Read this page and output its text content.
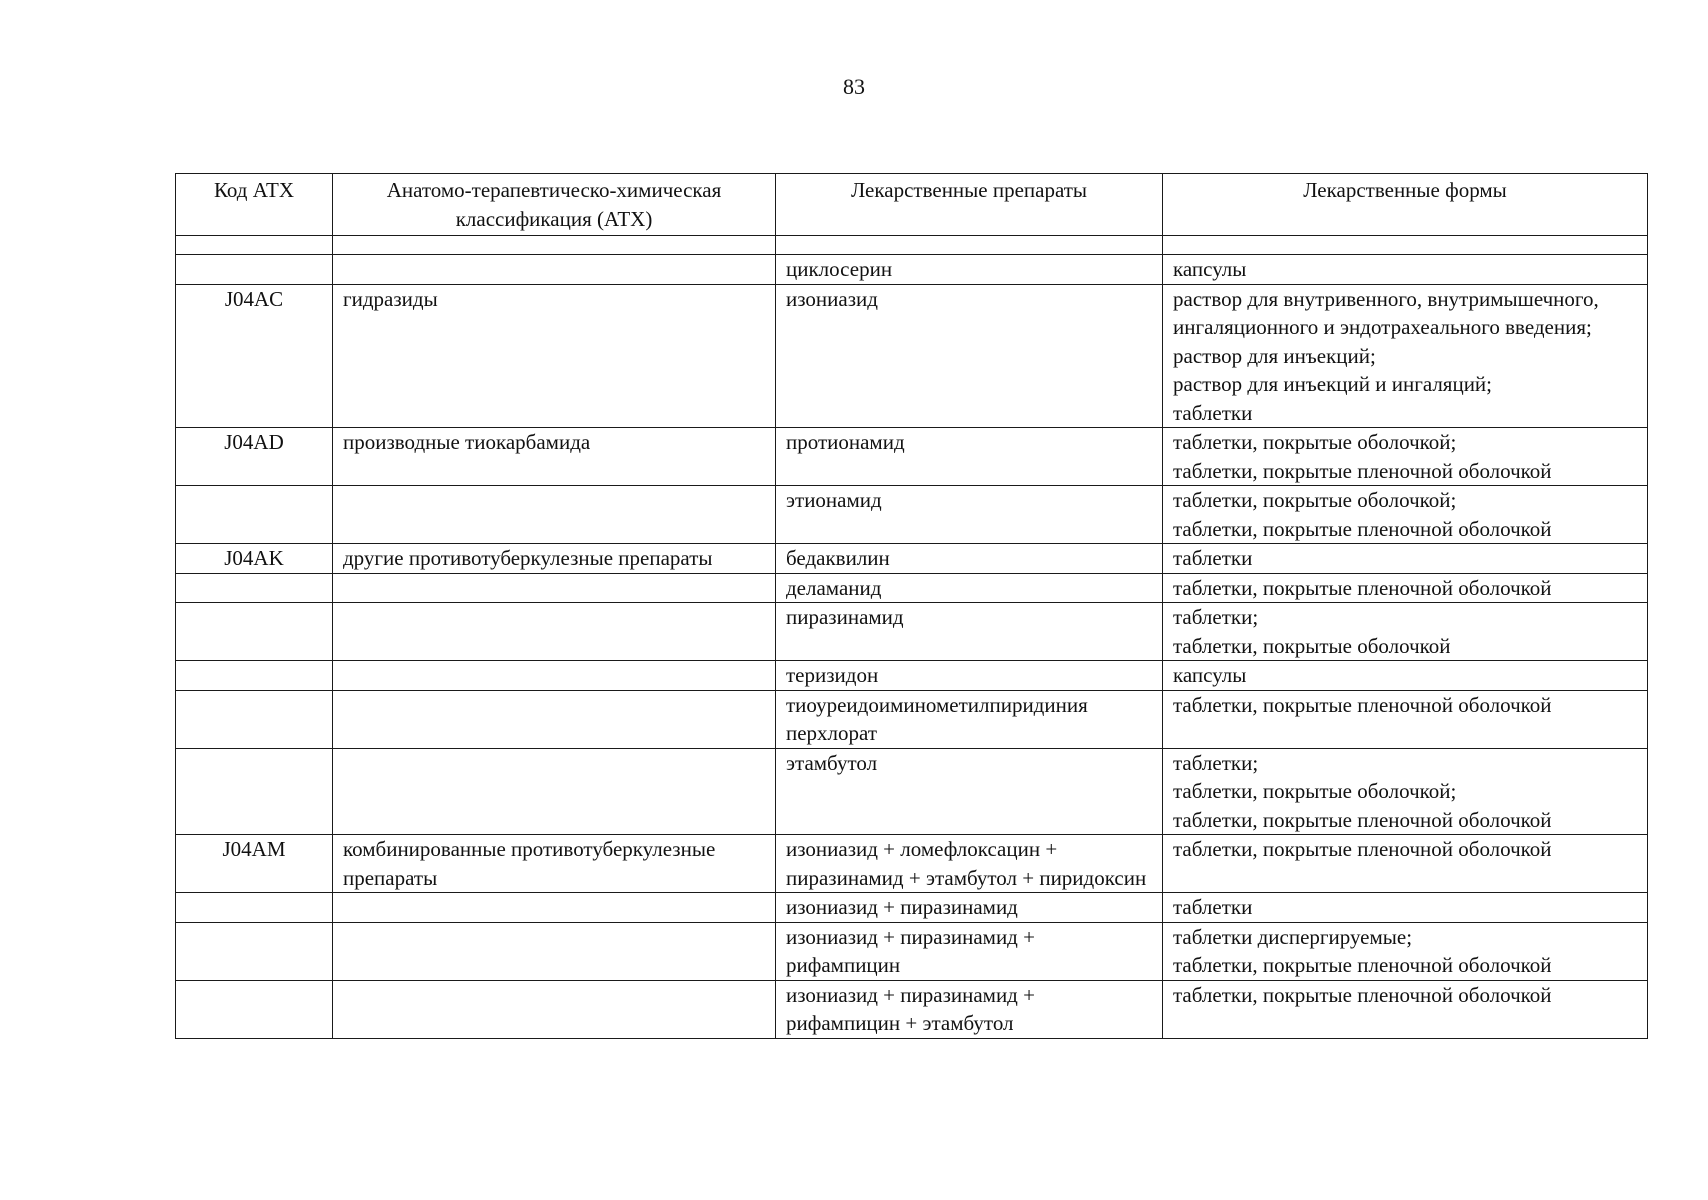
83
Код АТХ	Анатомо-терапевтическо-химическая классификация (АТХ)	Лекарственные препараты	Лекарственные формы

		циклосерин	капсулы

J04AC	гидразиды	изониазид	раствор для внутривенного, внутримышечного, ингаляционного и эндотрахеального введения;
раствор для инъекций;
раствор для инъекций и ингаляций;
таблетки

J04AD	производные тиокарбамида	протионамид	таблетки, покрытые оболочкой;
таблетки, покрытые пленочной оболочкой

		этионамид	таблетки, покрытые оболочкой;
таблетки, покрытые пленочной оболочкой

J04AK	другие противотуберкулезные препараты	бедаквилин	таблетки

		деламанид	таблетки, покрытые пленочной оболочкой

		пиразинамид	таблетки;
таблетки, покрытые оболочкой

		теризидон	капсулы

		тиоуреидоиминометилпиридиния перхлорат	таблетки, покрытые пленочной оболочкой

		этамбутол	таблетки;
таблетки, покрытые оболочкой;
таблетки, покрытые пленочной оболочкой

J04AM	комбинированные противотуберкулезные препараты	изониазид + ломефлоксацин + пиразинамид + этамбутол + пиридоксин	таблетки, покрытые пленочной оболочкой

		изониазид + пиразинамид	таблетки

		изониазид + пиразинамид + рифампицин	таблетки диспергируемые;
таблетки, покрытые пленочной оболочкой

		изониазид + пиразинамид + рифампицин + этамбутол	таблетки, покрытые пленочной оболочкой
